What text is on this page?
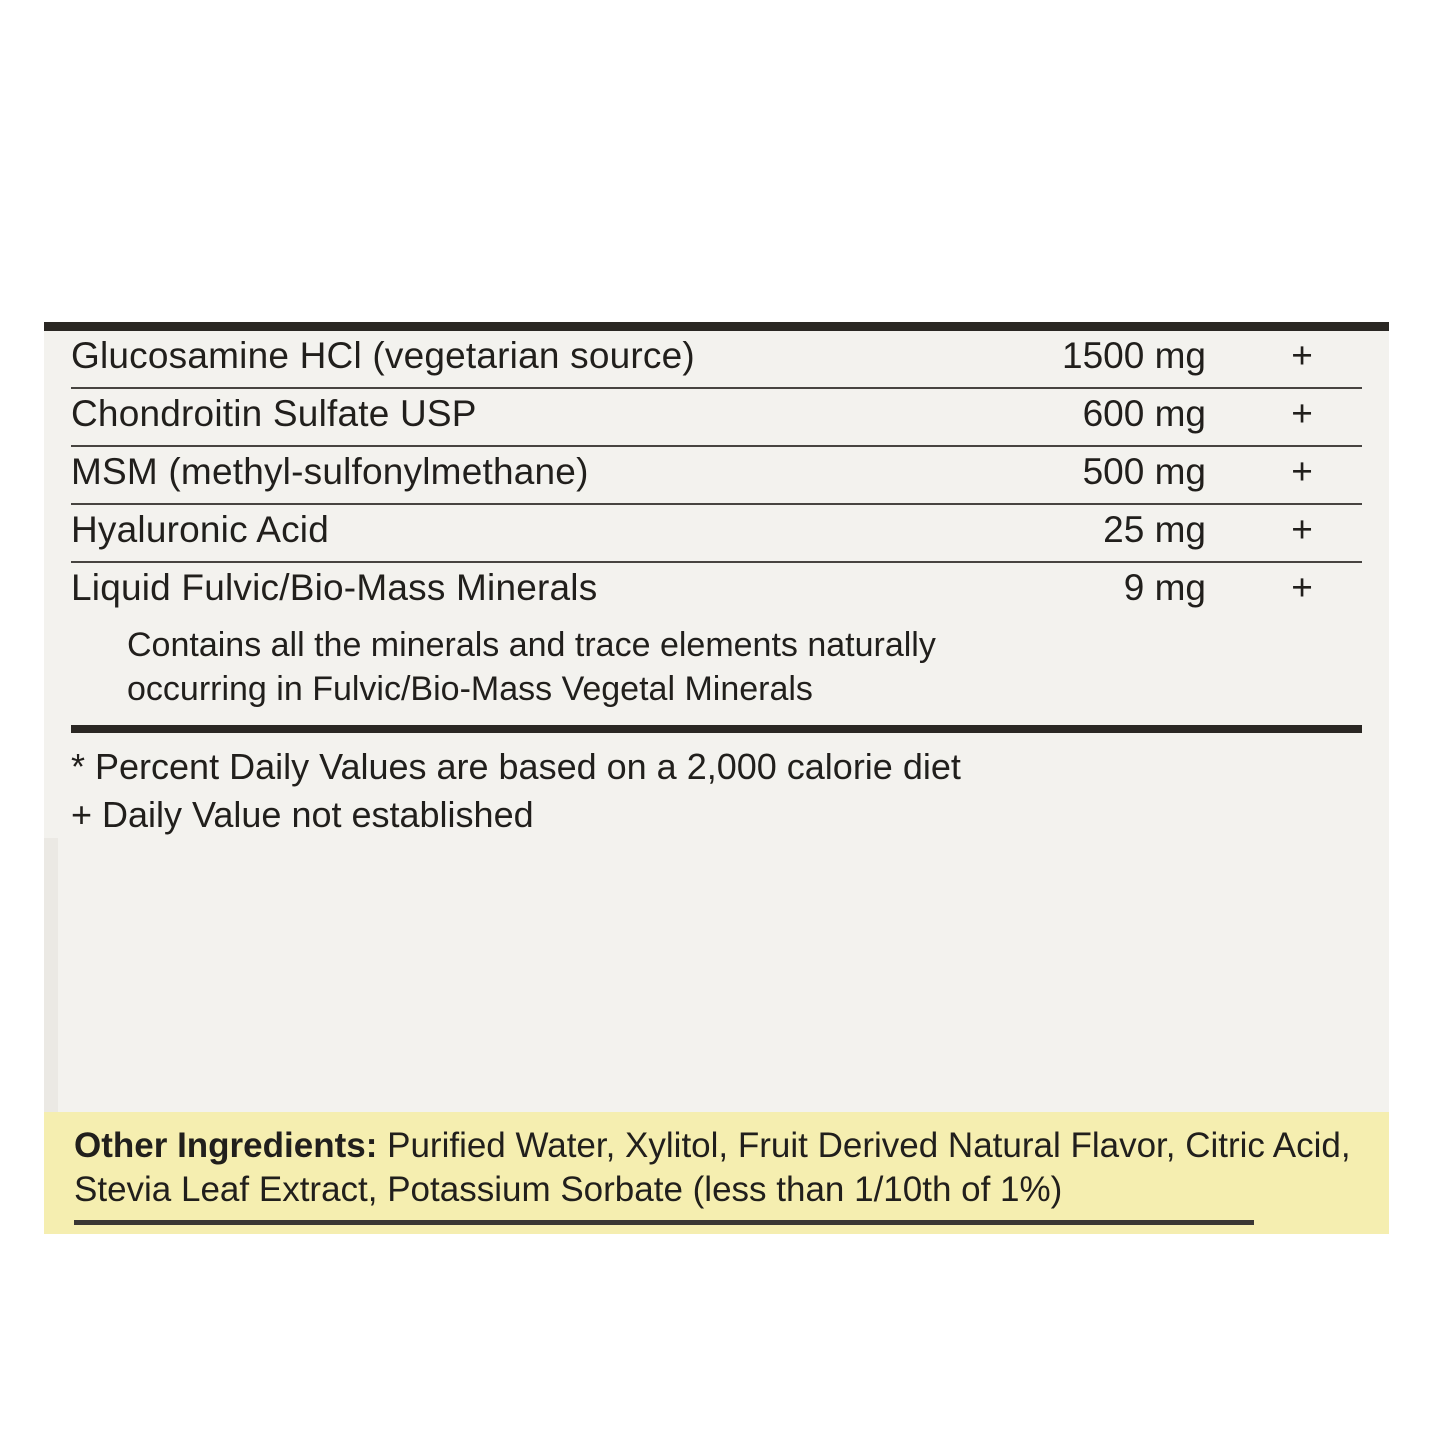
Glucosamine HCl (vegetarian source)	1500 mg	+
Chondroitin Sulfate USP	600 mg	+
MSM (methyl-sulfonylmethane)	500 mg	+
Hyaluronic Acid	25 mg	+
Liquid Fulvic/Bio-Mass Minerals	9 mg	+
Contains all the minerals and trace elements naturally
occurring in Fulvic/Bio-Mass Vegetal Minerals
* Percent Daily Values are based on a 2,000 calorie diet
+ Daily Value not established
Other Ingredients: Purified Water, Xylitol, Fruit Derived Natural Flavor, Citric Acid, Stevia Leaf Extract, Potassium Sorbate (less than 1/10th of 1%)
